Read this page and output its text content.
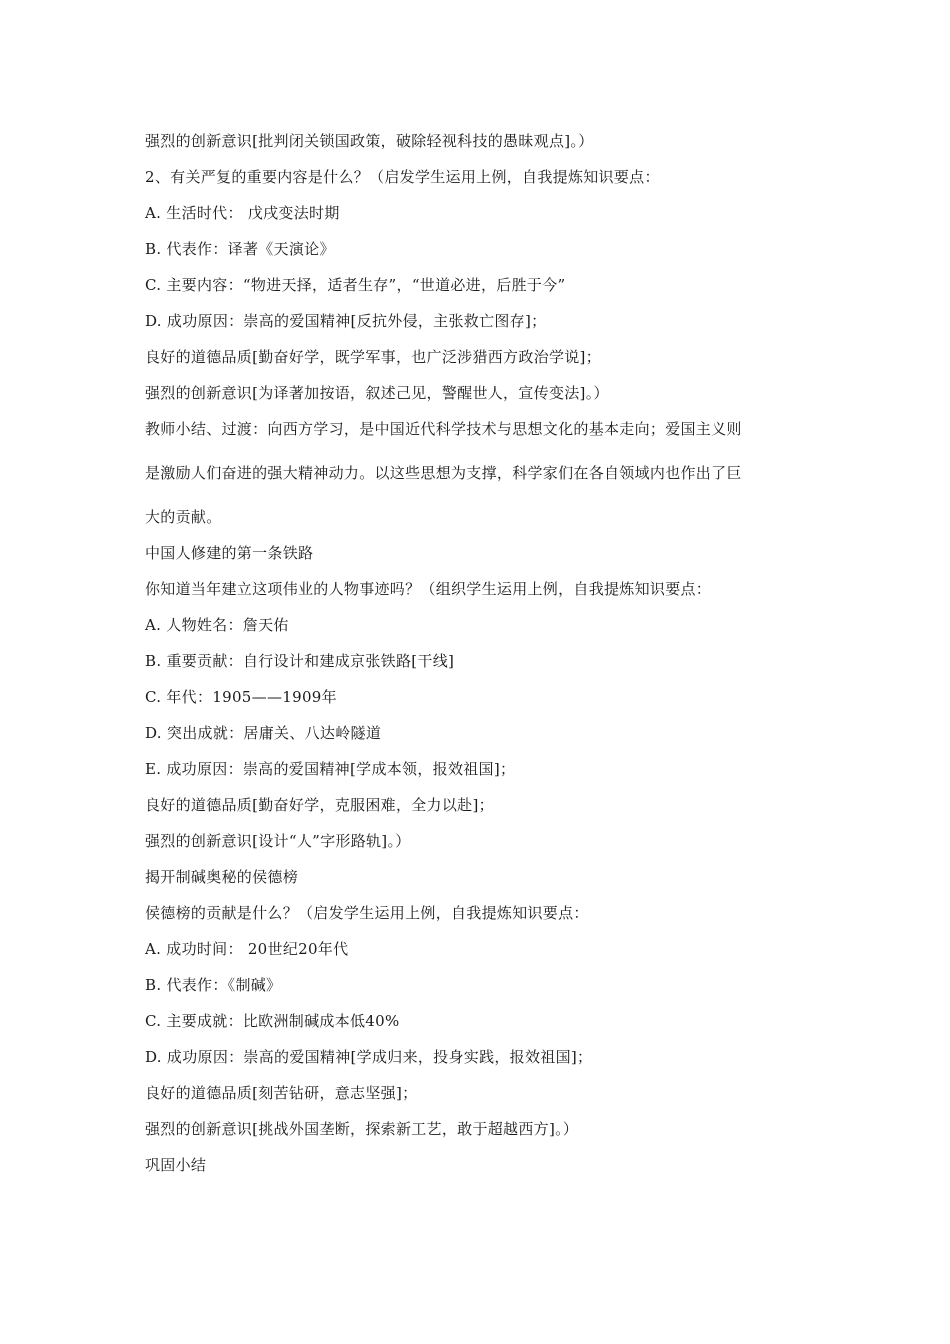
强烈的创新意识[批判闭关锁国政策，破除轻视科技的愚昧观点]。）
2、有关严复的重要内容是什么？（启发学生运用上例，自我提炼知识要点：
A. 生活时代： 戊戌变法时期
B. 代表作：译著《天演论》
C. 主要内容：“物进天择，适者生存”，“世道必进，后胜于今”
D. 成功原因：崇高的爱国精神[反抗外侵，主张救亡图存]；
良好的道德品质[勤奋好学，既学军事，也广泛涉猎西方政治学说]；
强烈的创新意识[为译著加按语，叙述己见，警醒世人，宣传变法]。）
教师小结、过渡：向西方学习，是中国近代科学技术与思想文化的基本走向；爱国主义则
是激励人们奋进的强大精神动力。以这些思想为支撑，科学家们在各自领域内也作出了巨
大的贡献。
中国人修建的第一条铁路
你知道当年建立这项伟业的人物事迹吗？（组织学生运用上例，自我提炼知识要点：
A. 人物姓名：詹天佑
B. 重要贡献：自行设计和建成京张铁路[干线]
C. 年代：1905——1909年
D. 突出成就：居庸关、八达岭隧道
E. 成功原因：崇高的爱国精神[学成本领，报效祖国]；
良好的道德品质[勤奋好学，克服困难，全力以赴]；
强烈的创新意识[设计“人”字形路轨]。）
揭开制碱奥秘的侯德榜
侯德榜的贡献是什么？（启发学生运用上例，自我提炼知识要点：
A. 成功时间： 20世纪20年代
B. 代表作：《制碱》
C. 主要成就：比欧洲制碱成本低40%
D. 成功原因：崇高的爱国精神[学成归来，投身实践，报效祖国]；
良好的道德品质[刻苦钻研，意志坚强]；
强烈的创新意识[挑战外国垄断，探索新工艺，敢于超越西方]。）
巩固小结
